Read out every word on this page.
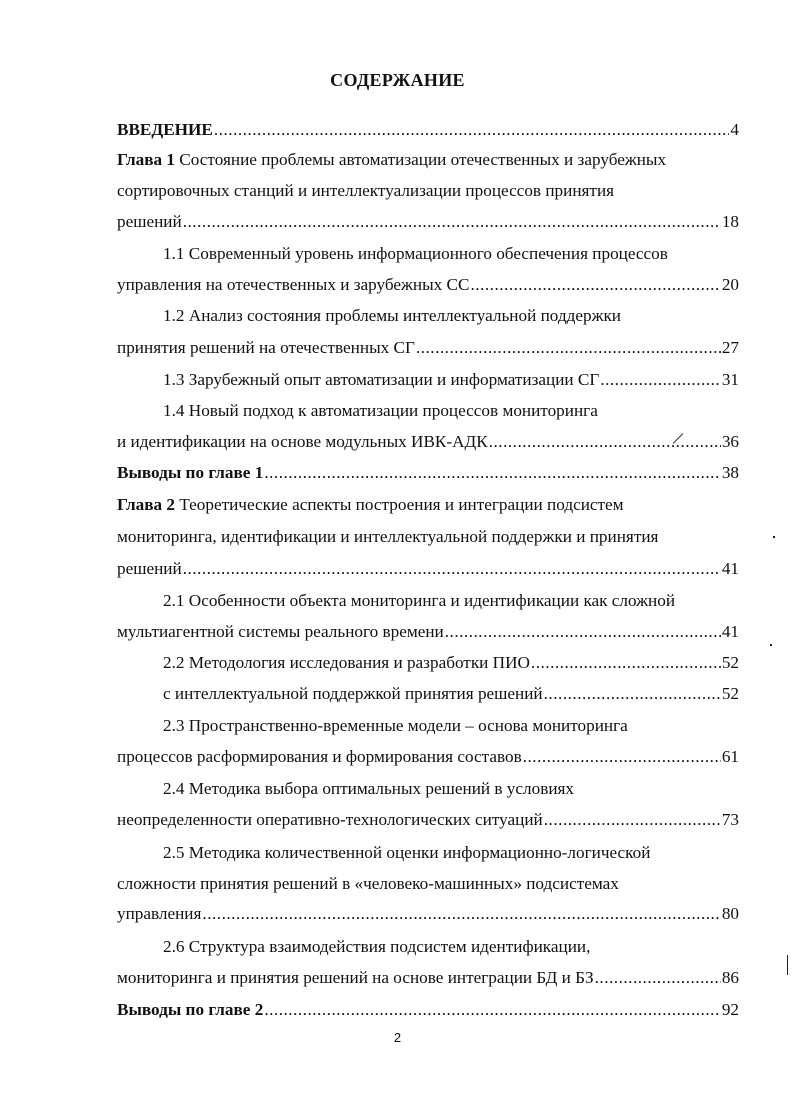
СОДЕРЖАНИЕ
ВВЕДЕНИЕ . . .	4
Глава 1 Состояние проблемы автоматизации отечественных и зарубежных
сортировочных станций и интеллектуализации процессов принятия
решений . . .	18
1.1 Современный уровень информационного обеспечения процессов
управления на отечественных и зарубежных СС . . .	20
1.2 Анализ состояния проблемы интеллектуальной поддержки
принятия решений на отечественных СГ . . .	27
1.3 Зарубежный опыт автоматизации и информатизации СГ . . .	31
1.4 Новый подход к автоматизации процессов мониторинга
и идентификации на основе модульных ИВК-АДК . . .	36
Выводы по главе 1 . . .	38
Глава 2 Теоретические аспекты построения и интеграции подсистем
мониторинга, идентификации и интеллектуальной поддержки и принятия
решений . . .	41
2.1 Особенности объекта мониторинга и идентификации как сложной
мультиагентной системы реального времени . . .	41
2.2 Методология исследования и разработки ПИО . . .	52
с интеллектуальной поддержкой принятия решений . . .	52
2.3 Пространственно-временные модели – основа мониторинга
процессов расформирования и формирования составов . . .	61
2.4 Методика выбора оптимальных решений в условиях
неопределенности оперативно-технологических ситуаций . . .	73
2.5 Методика количественной оценки информационно-логической
сложности принятия решений в «человеко-машинных» подсистемах
управления . . .	80
2.6 Структура взаимодействия подсистем идентификации,
мониторинга и принятия решений на основе интеграции БД и БЗ . . .	86
Выводы по главе 2 . . .	92
2
